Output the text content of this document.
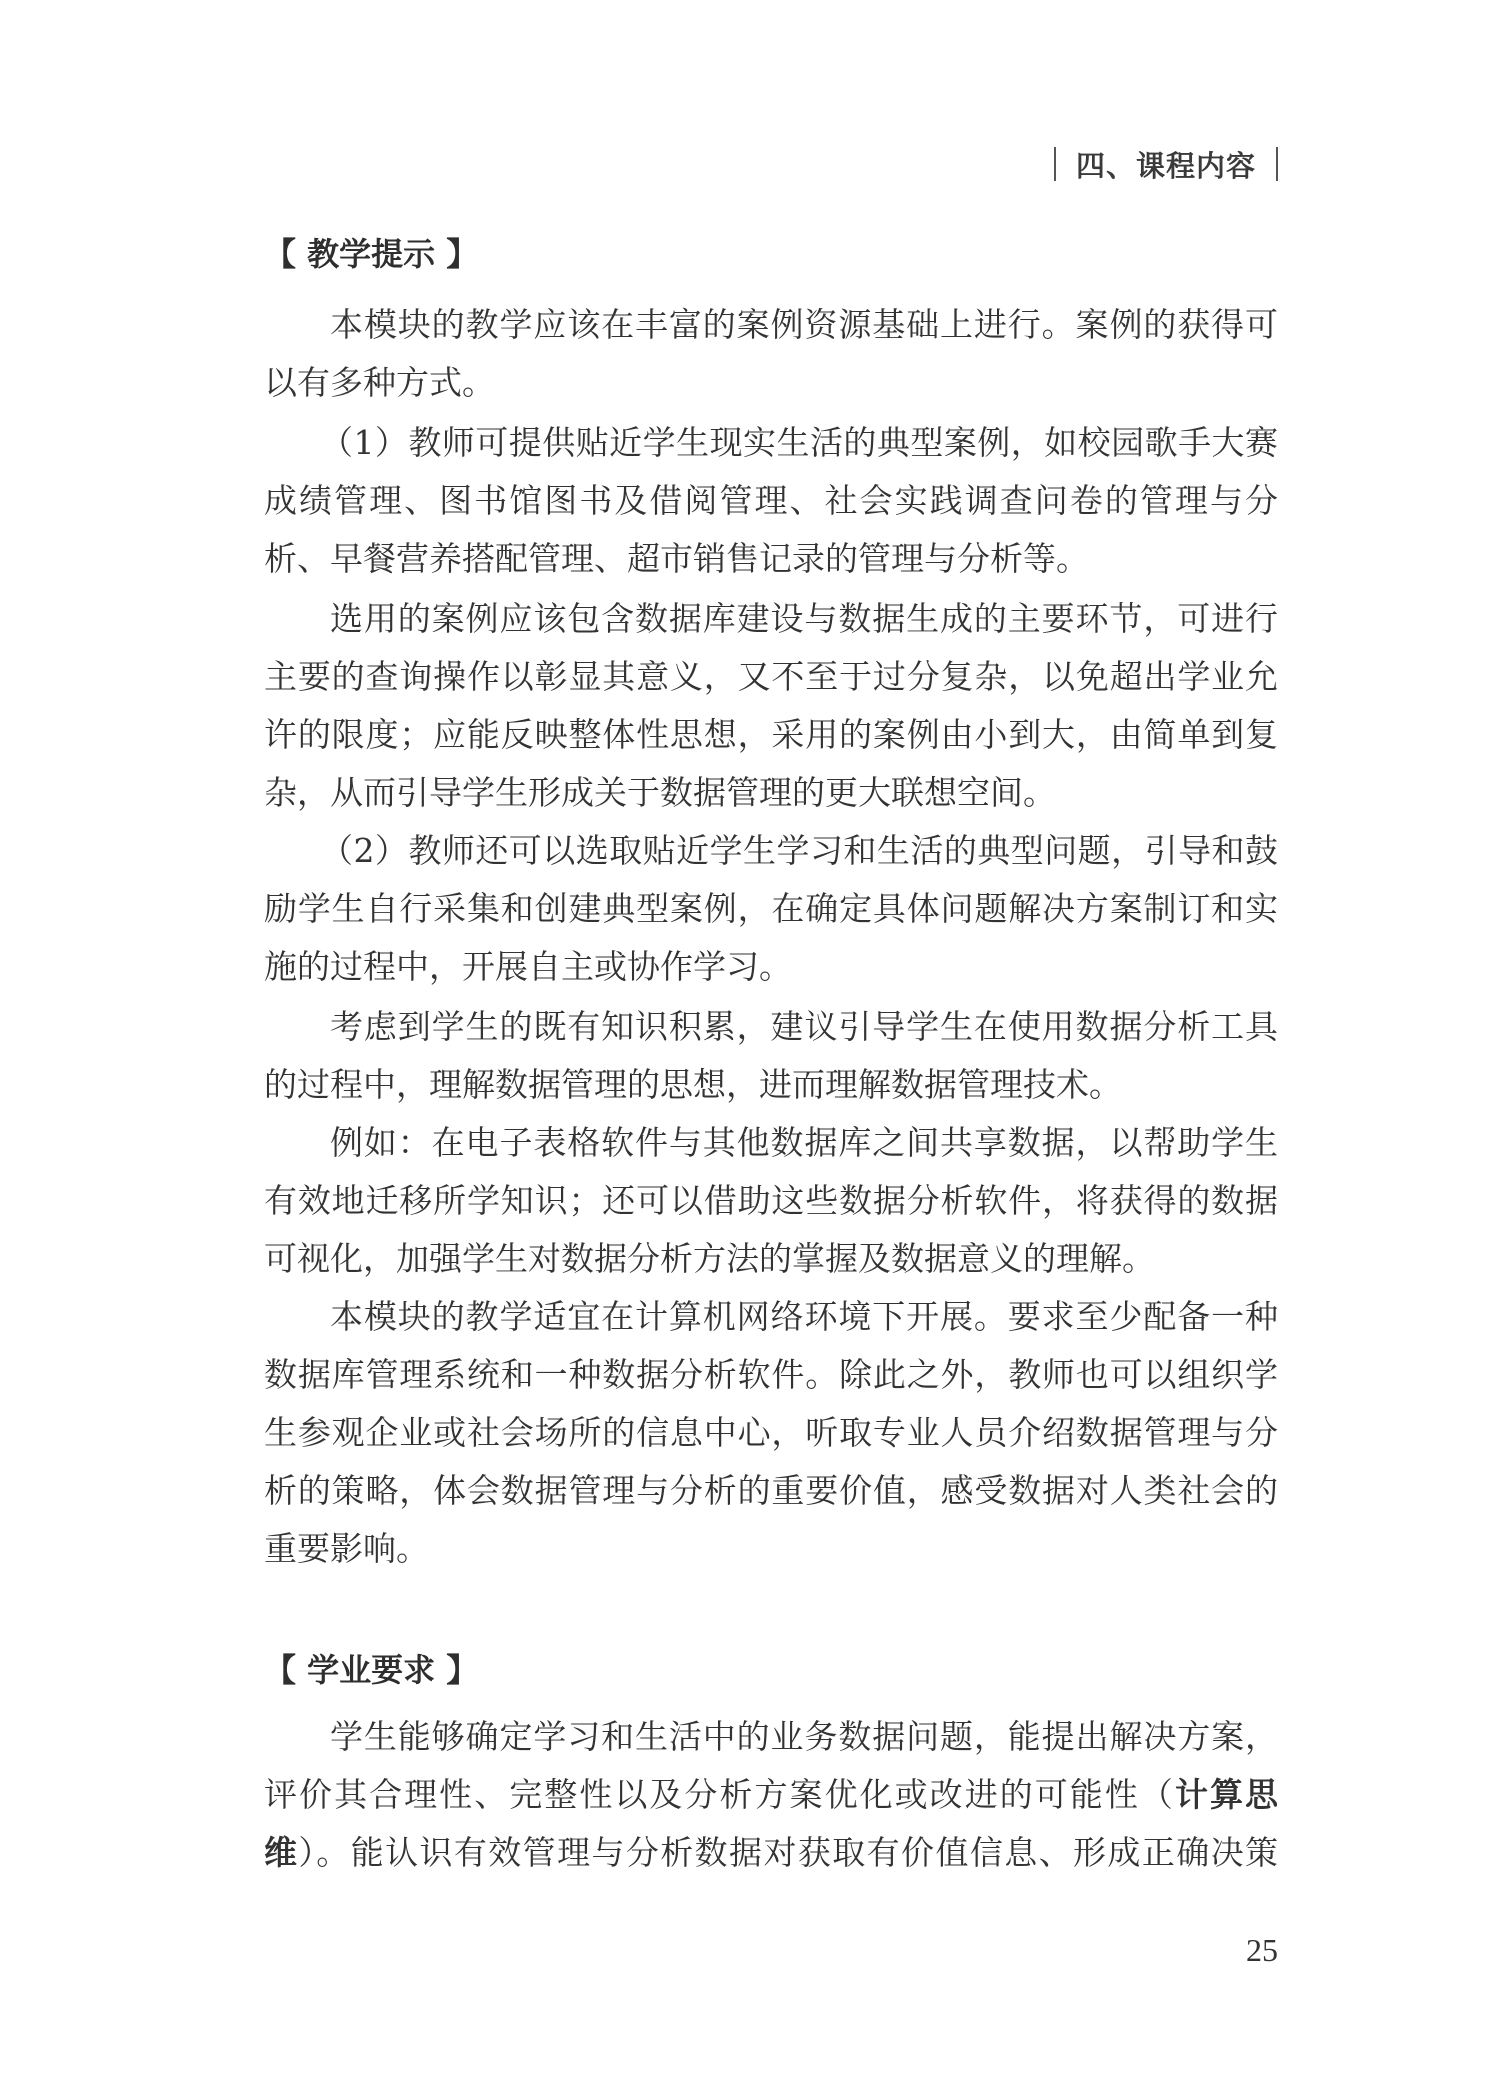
四、课程内容
【 教学提示 】
本模块的教学应该在丰富的案例资源基础上进行。案例的获得可
以有多种方式。
（1）教师可提供贴近学生现实生活的典型案例，如校园歌手大赛
成绩管理、图书馆图书及借阅管理、社会实践调查问卷的管理与分
析、早餐营养搭配管理、超市销售记录的管理与分析等。
选用的案例应该包含数据库建设与数据生成的主要环节，可进行
主要的查询操作以彰显其意义，又不至于过分复杂，以免超出学业允
许的限度；应能反映整体性思想，采用的案例由小到大，由简单到复
杂，从而引导学生形成关于数据管理的更大联想空间。
（2）教师还可以选取贴近学生学习和生活的典型问题，引导和鼓
励学生自行采集和创建典型案例，在确定具体问题解决方案制订和实
施的过程中，开展自主或协作学习。
考虑到学生的既有知识积累，建议引导学生在使用数据分析工具
的过程中，理解数据管理的思想，进而理解数据管理技术。
例如：在电子表格软件与其他数据库之间共享数据，以帮助学生
有效地迁移所学知识；还可以借助这些数据分析软件，将获得的数据
可视化，加强学生对数据分析方法的掌握及数据意义的理解。
本模块的教学适宜在计算机网络环境下开展。要求至少配备一种
数据库管理系统和一种数据分析软件。除此之外，教师也可以组织学
生参观企业或社会场所的信息中心，听取专业人员介绍数据管理与分
析的策略，体会数据管理与分析的重要价值，感受数据对人类社会的
重要影响。
【 学业要求 】
学生能够确定学习和生活中的业务数据问题，能提出解决方案，
评价其合理性、完整性以及分析方案优化或改进的可能性（计算思
维）。能认识有效管理与分析数据对获取有价值信息、形成正确决策
25
